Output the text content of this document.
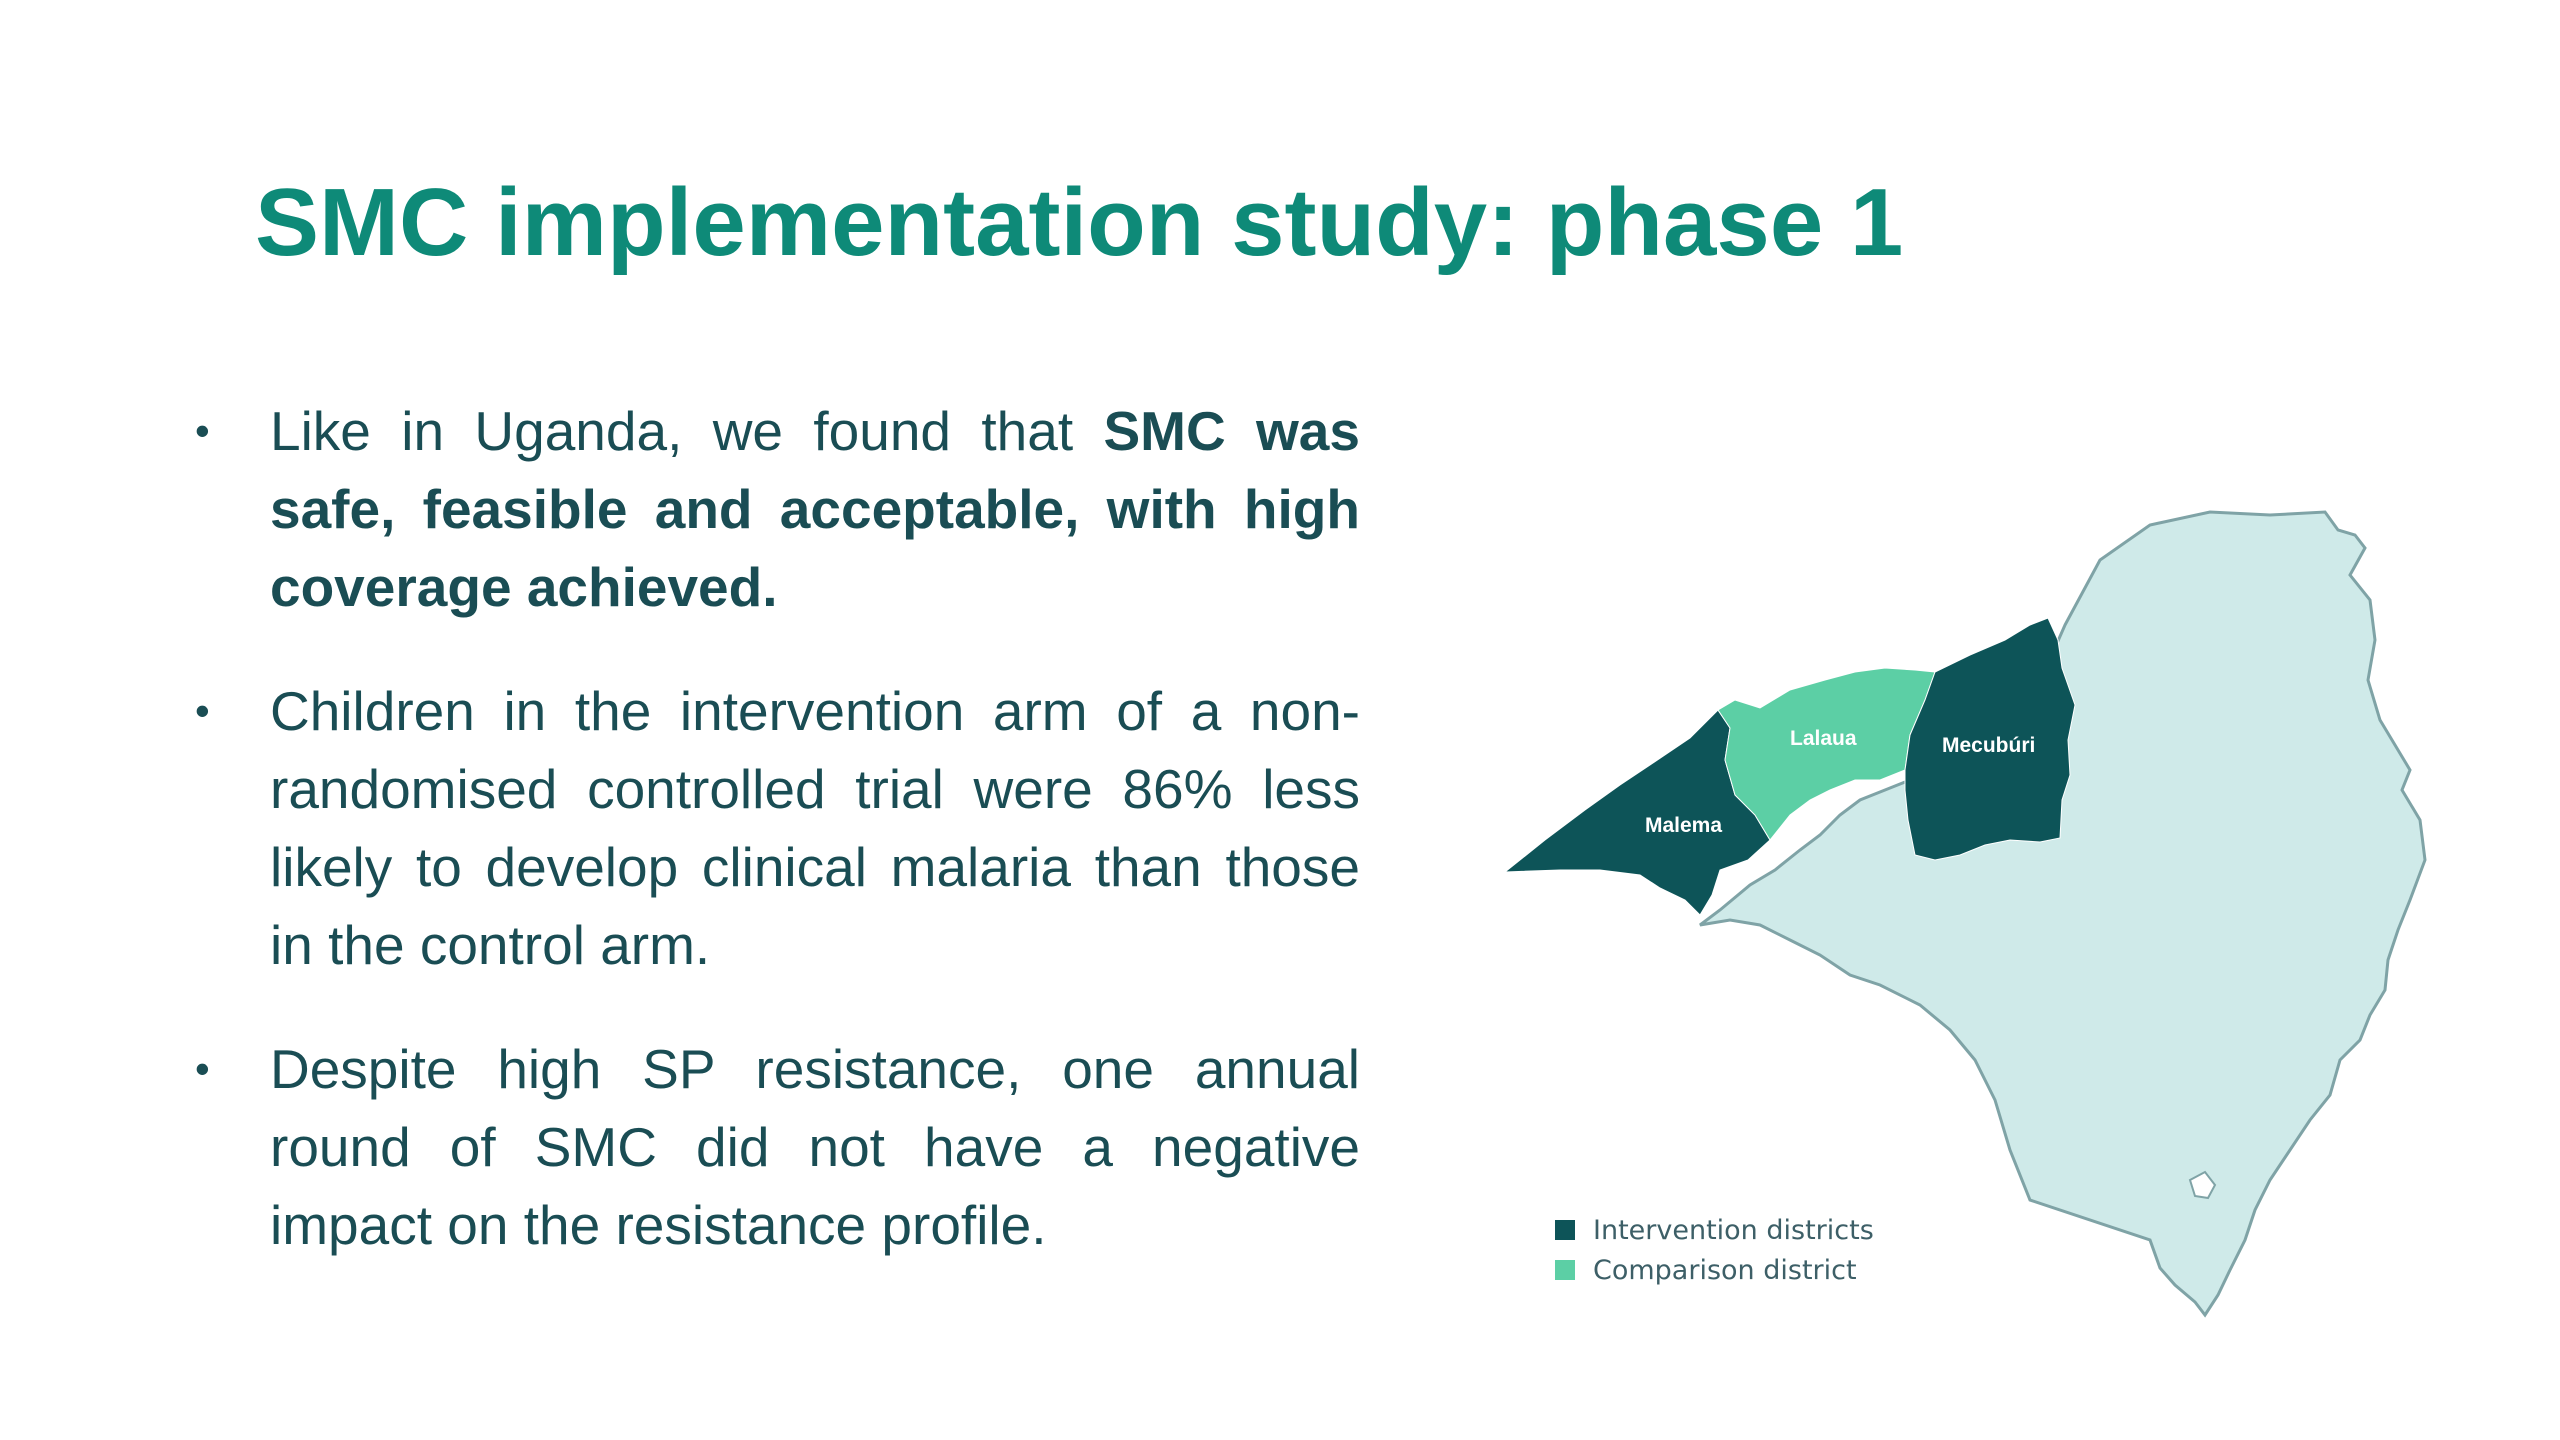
SMC implementation study: phase 1
• Like in Uganda, we found that SMC was safe, feasible and acceptable, with high coverage achieved.
• Children in the intervention arm of a non-randomised controlled trial were 86% less likely to develop clinical malaria than those in the control arm.
• Despite high SP resistance, one annual round of SMC did not have a negative impact on the resistance profile.
Malema
Lalaua	Mecubúri
Intervention districts
Comparison district
